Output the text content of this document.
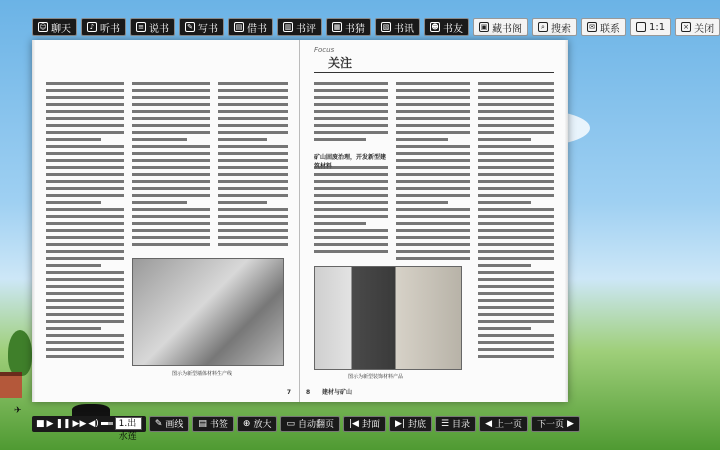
✈
☺ 聊天	♪ 听书	≡ 说书	✎ 写书	▤ 借书	▥ 书评	▦ 书猜	▧ 书讯 ☻ 书友	▣ 藏书阁	⌕ 搜索	✉ 联系	1:1	× 关闭
图示为新型墙体材料生产线
7
Focus
关注
矿山固废治理，开发新型建
图示为新型装饰材料产品
8 建材与矿山
■ ▶ ❚❚ ▶▶ ◀)	1.出水莲
✎ 画线 ▤ 书签 ⊕ 放大 ▭ 自动翻页 |◀ 封面 ▶| 封底 ☰ 目录 ◀ 上一页 下一页 ▶
